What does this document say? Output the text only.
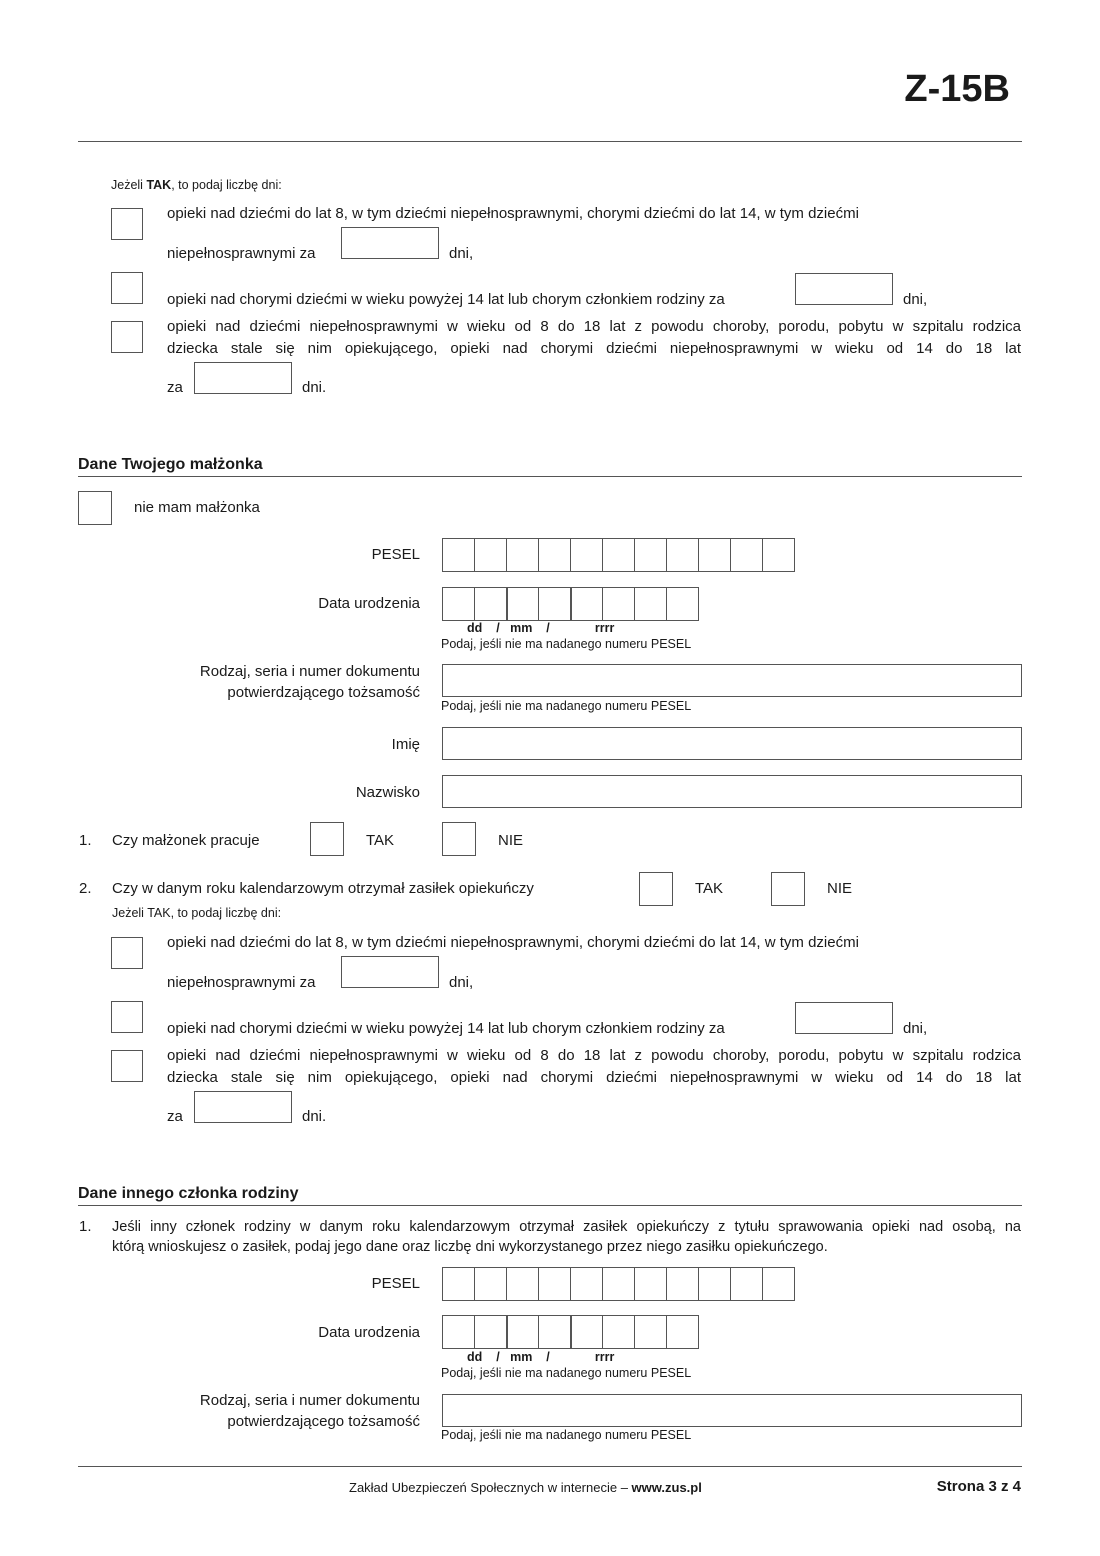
Z-15B
Jeżeli TAK, to podaj liczbę dni:
opieki nad dziećmi do lat 8, w tym dziećmi niepełnosprawnymi, chorymi dziećmi do lat 14, w tym dziećmi
niepełnosprawnymi za	dni,
opieki nad chorymi dziećmi w wieku powyżej 14 lat lub chorym członkiem rodziny za	dni,
opieki nad dziećmi niepełnosprawnymi w wieku od 8 do 18 lat z powodu choroby, porodu, pobytu w szpitalu rodzica
dziecka stale się nim opiekującego, opieki nad chorymi dziećmi niepełnosprawnymi w wieku od 14 do 18 lat
za	dni.
Dane Twojego małżonka
nie mam małżonka
PESEL
Data urodzenia
dd / mm /	rrrr
Podaj, jeśli nie ma nadanego numeru PESEL
Rodzaj, seria i numer dokumentu
potwierdzającego tożsamość
Podaj, jeśli nie ma nadanego numeru PESEL
Imię
Nazwisko
1. Czy małżonek pracuje	TAK	NIE
2. Czy w danym roku kalendarzowym otrzymał zasiłek opiekuńczy	TAK	NIE
Jeżeli TAK, to podaj liczbę dni:
opieki nad dziećmi do lat 8, w tym dziećmi niepełnosprawnymi, chorymi dziećmi do lat 14, w tym dziećmi
niepełnosprawnymi za	dni,
opieki nad chorymi dziećmi w wieku powyżej 14 lat lub chorym członkiem rodziny za	dni,
opieki nad dziećmi niepełnosprawnymi w wieku od 8 do 18 lat z powodu choroby, porodu, pobytu w szpitalu rodzica
dziecka stale się nim opiekującego, opieki nad chorymi dziećmi niepełnosprawnymi w wieku od 14 do 18 lat
za	dni.
Dane innego członka rodziny
1. Jeśli inny członek rodziny w danym roku kalendarzowym otrzymał zasiłek opiekuńczy z tytułu sprawowania opieki nad osobą, na
którą wnioskujesz o zasiłek, podaj jego dane oraz liczbę dni wykorzystanego przez niego zasiłku opiekuńczego.
PESEL
Data urodzenia
dd / mm /	rrrr
Podaj, jeśli nie ma nadanego numeru PESEL
Rodzaj, seria i numer dokumentu
potwierdzającego tożsamość
Podaj, jeśli nie ma nadanego numeru PESEL
Zakład Ubezpieczeń Społecznych w internecie – www.zus.pl	Strona 3 z 4
